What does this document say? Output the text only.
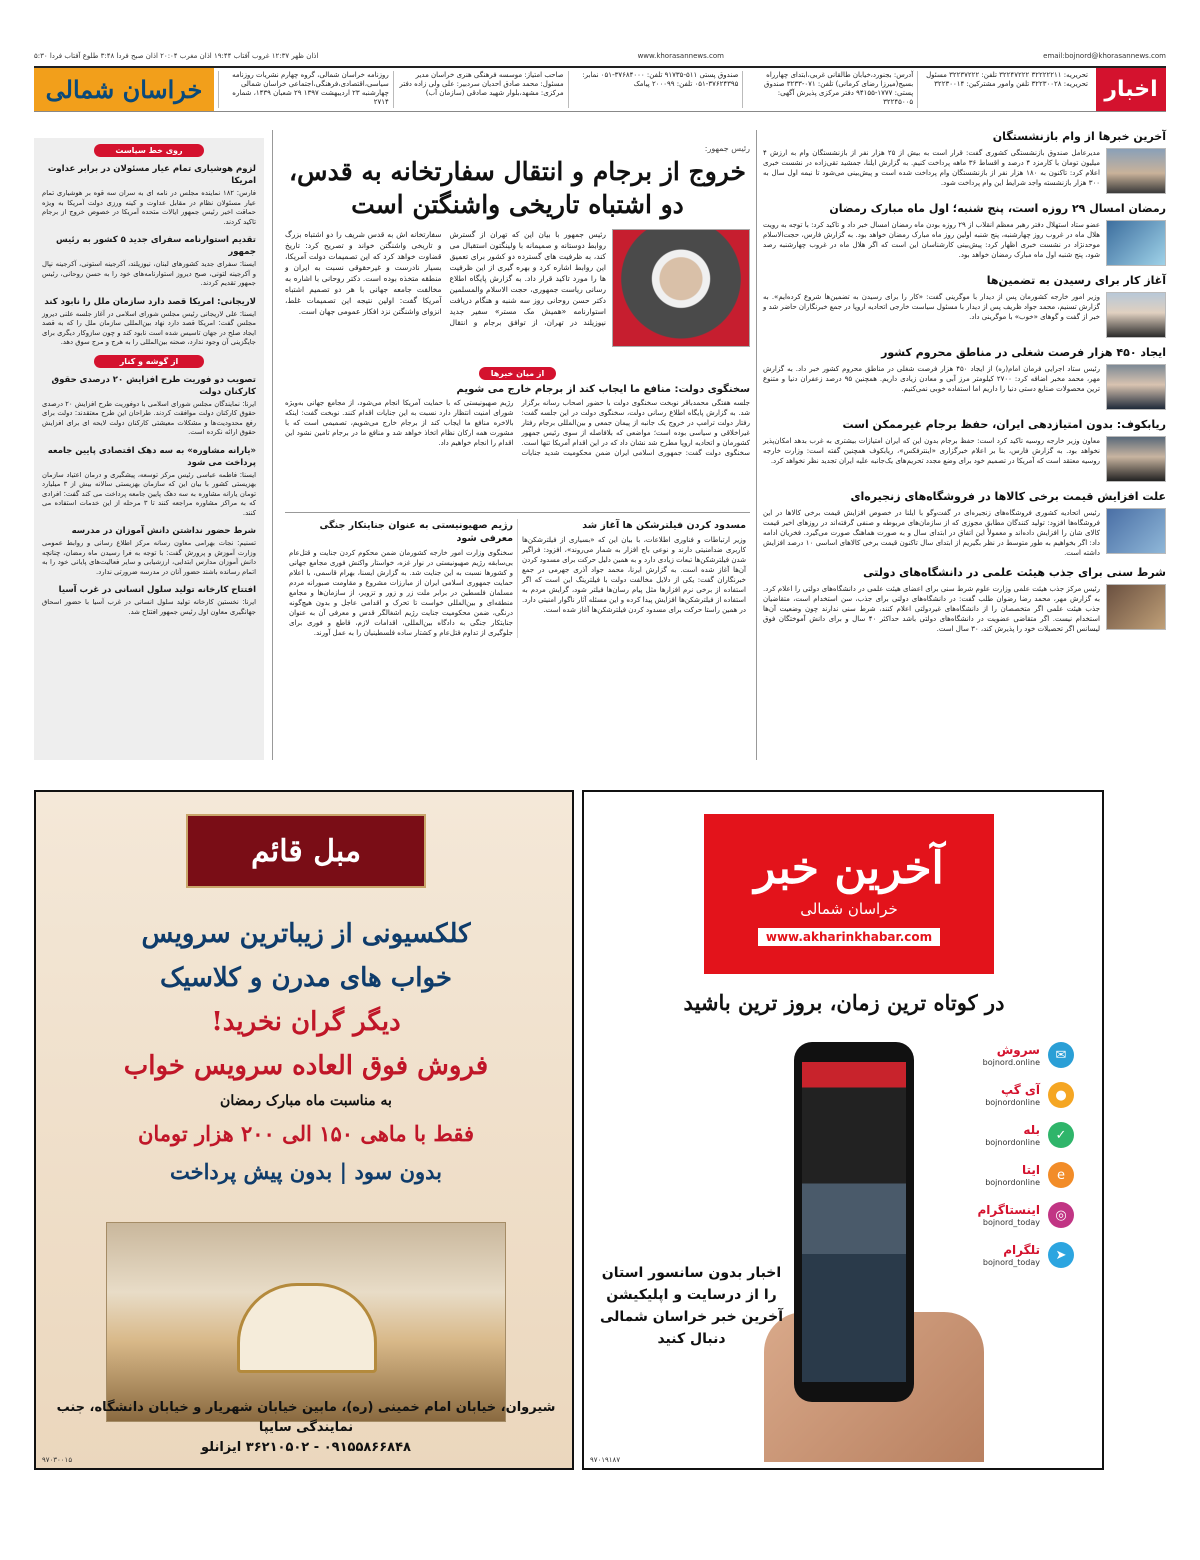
اذان ظهر ۱۲:۳۷ غروب آفتاب ۱۹:۴۴ اذان مغرب ۲۰:۰۴ اذان صبح فردا ۳:۴۸ طلوع آفتاب فردا ۵:۳۰	www.khorasannews.com	email:bojnord@khorasannews.com
خراسان شمالی	روزنامه خراسان شمالی، گروه چهارم نشریات روزنامه سیاسی،اقتصادی،فرهنگی،اجتماعی خراسان شمالی چهارشنبه ۲۳ اردیبهشت ۱۳۹۷ ۲۹ شعبان ۱۴۳۹، شماره ۲۷۱۴
صاحب امتیاز: موسسه فرهنگی هنری خراسان مدیر مسئول: محمد صادق احدیان سردبیر: علی ولی زاده دفتر مرکزی: مشهد،بلوار شهید صادقی (سازمان آب)
صندوق پستی ۵۱۱-۹۱۷۳۵ تلفن: ۳۷۶۸۴۰۰۰-۰۵۱ نمابر: ۳۷۶۲۴۳۹۵-۰۵۱ تلفن: ۲۰۰۰۹۹ پیامک
آدرس: بجنورد،خیابان طالقانی غربی،ابتدای چهارراه بسیج(میرزا رضای کرمانی) تلفن: ۰۷۱-۳۲۳۳ صندوق پستی: ۱۷۷۷-۹۴۱۵۵ دفتر مرکزی پذیرش آگهی: ۳۲۲۴۵۰۰۵
تحریریه: ۳۲۲۲۲۲۱۱ ۳۲۲۴۷۲۲۲ تلفن: ۳۲۲۳۷۲۲۲ مسئول تحریریه: ۳۲۲۳۰۰۲۸ تلفن وامور مشترکین: ۳۲۲۳۰۰۱۴ اخبار
آخرین خبرها از وام بازنشستگان
مدیرعامل صندوق بازنشستگی کشوری گفت: قرار است به بیش از ۲۵ هزار نفر از بازنشستگان وام به ارزش ۴ میلیون تومان با کارمزد ۴ درصد و اقساط ۳۶ ماهه پرداخت کنیم. به گزارش ایلنا، جمشید تقی‌زاده در نشست خبری اعلام کرد: تاکنون به ۱۸۰ هزار نفر از بازنشستگان وام پرداخت شده است و پیش‌بینی می‌شود تا نیمه اول سال به ۳۰۰ هزار بازنشسته واجد شرایط این وام پرداخت شود.
رمضان امسال ۲۹ روزه است، پنج شنبه؛ اول ماه مبارک رمضان
عضو ستاد استهلال دفتر رهبر معظم انقلاب از ۲۹ روزه بودن ماه رمضان امسال خبر داد و تاکید کرد: با توجه به رویت هلال ماه در غروب روز چهارشنبه، پنج شنبه اولین روز ماه مبارک رمضان خواهد بود. به گزارش فارس، حجت‌الاسلام موحدنژاد در نشست خبری اظهار کرد: پیش‌بینی کارشناسان این است که اگر هلال ماه در غروب چهارشنبه رصد شود، پنج شنبه اول ماه مبارک رمضان خواهد بود.
آغاز کار برای رسیدن به تضمین‌ها
وزیر امور خارجه کشورمان پس از دیدار با موگرینی گفت: «کار را برای رسیدن به تضمین‌ها شروع کرده‌ایم». به گزارش تسنیم، محمد جواد ظریف پس از دیدار با مسئول سیاست خارجی اتحادیه اروپا در جمع خبرنگاران حاضر شد و خبر از گفت و گوهای «خوب» با موگرینی داد.
ایجاد ۴۵۰ هزار فرصت شغلی در مناطق محروم کشور
رئیس ستاد اجرایی فرمان امام(ره) از ایجاد ۴۵۰ هزار فرصت شغلی در مناطق محروم کشور خبر داد. به گزارش مهر، محمد مخبر اضافه کرد: ۲۷۰۰ کیلومتر مرز آبی و معادن زیادی داریم. همچنین ۹۵ درصد زعفران دنیا و متنوع ترین محصولات صنایع دستی دنیا را داریم اما استفاده خوبی نمی‌کنیم.
ریابکوف: بدون امتیازدهی ایران، حفظ برجام غیرممکن است
معاون وزیر خارجه روسیه تاکید کرد است: حفظ برجام بدون این که ایران امتیازات بیشتری به غرب بدهد امکان‌پذیر نخواهد بود. به گزارش فارس، بنا بر اعلام خبرگزاری «اینترفکس»، ریابکوف همچنین گفته است: وزارت خارجه روسیه معتقد است که آمریکا در تصمیم خود برای وضع مجدد تحریم‌های یک‌جانبه علیه ایران تجدید نظر نخواهد کرد.
علت افزایش قیمت برخی کالاها در فروشگاه‌های زنجیره‌ای
رئیس اتحادیه کشوری فروشگاه‌های زنجیره‌ای در گفت‌وگو با ایلنا در خصوص افزایش قیمت برخی کالاها در این فروشگاه‌ها افزود: تولید کنندگان مطابق مجوزی که از سازمان‌های مربوطه و صنفی گرفته‌اند در روزهای اخیر قیمت کالای شان را افزایش داده‌اند و معمولاً این اتفاق در ابتدای سال و به صورت هماهنگ صورت می‌گیرد. فخریان ادامه داد: اگر بخواهیم به طور متوسط در نظر بگیریم از ابتدای سال تاکنون قیمت برخی کالاهای اساسی ۱۰ درصد افزایش داشته است.
شرط سنی برای جذب هیئت علمی در دانشگاه‌های دولتی
رئیس مرکز جذب هیئت علمی وزارت علوم شرط سنی برای اعضای هیئت علمی در دانشگاه‌های دولتی را اعلام کرد. به گزارش مهر، محمد رضا رضوان طلب گفت: در دانشگاه‌های دولتی برای جذب، سن استخدام است، متقاضیان جذب هیئت علمی اگر متخصصان را از دانشگاه‌های غیردولتی اعلام کنند، شرط سنی ندارند چون وضعیت آن‌ها استخدام نیست. اگر متقاضی عضویت در دانشگاه‌های دولتی باشد حداکثر ۴۰ سال و برای دانش آموختگان فوق لیسانس اگر تحصیلات خود را پذیرش کند، ۳۰ سال است.
رئیس جمهور:
خروج از برجام و انتقال سفارتخانه به قدس، دو اشتباه تاریخی واشنگتن است
رئیس جمهور با بیان این که تهران از گسترش روابط دوستانه و صمیمانه با ولینگتون استقبال می کند، به ظرفیت های گسترده دو کشور برای تعمیق این روابط اشاره کرد و بهره گیری از این ظرفیت ها را مورد تاکید قرار داد. به گزارش پایگاه اطلاع رسانی ریاست جمهوری، حجت الاسلام والمسلمین دکتر حسن روحانی روز سه شنبه و هنگام دریافت استوارنامه «همیش مک مستر» سفیر جدید نیوزیلند در تهران، از توافق برجام و انتقال سفارتخانه اش به قدس شریف را دو اشتباه بزرگ و تاریخی واشنگتن خواند و تصریح کرد: تاریخ قضاوت خواهد کرد که این تصمیمات دولت آمریکا، بسیار نادرست و غیرحقوقی نسبت به ایران و منطقه متخذه بوده است. دکتر روحانی با اشاره به مخالفت جامعه جهانی با هر دو تصمیم اشتباه آمریکا گفت: اولین نتیجه این تصمیمات غلط، انزوای واشنگتن نزد افکار عمومی جهان است.
از میان خبرها
سخنگوی دولت: منافع ما ایجاب کند از برجام خارج می شویم
جلسه هفتگی محمدباقر نوبخت سخنگوی دولت با حضور اصحاب رسانه برگزار شد. به گزارش پایگاه اطلاع رسانی دولت، سخنگوی دولت در این جلسه گفت: رفتار دولت ترامپ در خروج یک جانبه از پیمان جمعی و بین‌المللی برجام رفتار غیراخلاقی و سیاسی بوده است؛ مواضعی که بلافاصله از سوی رئیس جمهور کشورمان و اتحادیه اروپا مطرح شد نشان داد که در این اقدام آمریکا تنها است. سخنگوی دولت گفت: جمهوری اسلامی ایران ضمن محکومیت شدید جنایات رژیم صهیونیستی که با حمایت آمریکا انجام می‌شود، از مجامع جهانی به‌ویژه شورای امنیت انتظار دارد نسبت به این جنایات اقدام کنند. نوبخت گفت: اینکه بالاخره منافع ما ایجاب کند از برجام خارج می‌شویم، تصمیمی است که با مشورت همه ارکان نظام اتخاذ خواهد شد و منافع ما در برجام تامین نشود این اقدام را انجام خواهیم داد.
مسدود کردن فیلترشکن ها آغاز شد
وزیر ارتباطات و فناوری اطلاعات، با بیان این که «بسیاری از فیلترشکن‌ها کاربری ضدامنیتی دارند و نوعی باج افزار به شمار می‌روند»، افزود: فراگیر شدن فیلترشکن‌ها تبعات زیادی دارد و به همین دلیل حرکت برای مسدود کردن آن‌ها آغاز شده است. به گزارش ایرنا، محمد جواد آذری جهرمی در جمع خبرنگاران گفت: یکی از دلایل مخالفت دولت با فیلترینگ این است که اگر استفاده از برخی نرم افزارها مثل پیام رسان‌ها فیلتر شود، گرایش مردم به استفاده از فیلترشکن‌ها افزایش پیدا کرده و این مسئله آثار ناگوار امنیتی دارد. در همین راستا حرکت برای مسدود کردن فیلترشکن‌ها آغاز شده است.
رژیم صهیونیستی به عنوان جنایتکار جنگی معرفی شود
سخنگوی وزارت امور خارجه کشورمان ضمن محکوم کردن جنایت و قتل‌عام بی‌سابقه رژیم صهیونیستی در نوار غزه، خواستار واکنش فوری مجامع جهانی و کشورها نسبت به این جنایت شد. به گزارش ایسنا، بهرام قاسمی، با اعلام حمایت جمهوری اسلامی ایران از مبارزات مشروع و مقاومت صبورانه مردم مسلمان فلسطین در برابر ملت زر و زور و تزویر، از سازمان‌ها و مجامع منطقه‌ای و بین‌المللی خواست تا تحرک و اقدامی عاجل و بدون هیچ‌گونه درنگی، ضمن محکومیت جنایت رژیم اشغالگر قدس و معرفی آن به عنوان جنایتکار جنگی به دادگاه بین‌المللی، اقدامات لازم، قاطع و فوری برای جلوگیری از تداوم قتل‌عام و کشتار ساده فلسطینیان را به عمل آورند.
روی خط سیاست
لزوم هوشیاری تمام عیار مسئولان در برابر عداوت امریکا
فارس: ۱۸۲ نماینده مجلس در نامه ای به سران سه قوه بر هوشیاری تمام عیار مسئولان نظام در مقابل عداوت و کینه ورزی دولت آمریکا به ویژه حماقت اخیر رئیس جمهور ایالات متحده آمریکا در خصوص خروج از برجام تاکید کردند.
تقدیم استوارنامه سفرای جدید ۵ کشور به رئیس جمهور
ایسنا: سفرای جدید کشورهای لبنان، نیوزیلند، آکرجینه استونی، آکرجینه نپال و آکرجینه لتونی، صبح دیروز استوارنامه‌های خود را به حسن روحانی، رئیس جمهور تقدیم کردند.
لاریجانی: امریکا قصد دارد سازمان ملل را نابود کند
ایسنا: علی لاریجانی رئیس مجلس شورای اسلامی در آغاز جلسه علنی دیروز مجلس گفت: امریکا قصد دارد نهاد بین‌المللی سازمان ملل را که به قصد ایجاد صلح در جهان تاسیس شده است نابود کند و چون سازوکار دیگری برای جایگزینی آن وجود ندارد، صحنه بین‌المللی را به هرج و مرج سوق دهد.
از گوشه و کنار
تصویب دو فوریت طرح افزایش ۲۰ درصدی حقوق کارکنان دولت
ایرنا: نمایندگان مجلس شورای اسلامی با دوفوریت طرح افزایش ۲۰ درصدی حقوق کارکنان دولت موافقت کردند. طراحان این طرح معتقدند: دولت برای رفع محدودیت‌ها و مشکلات معیشتی کارکنان دولت لایحه ای برای افزایش حقوق ارائه نکرده است.
«یارانه مشاوره» به سه دهک اقتصادی پایین جامعه پرداخت می شود
ایسنا: فاطمه عباسی رئیس مرکز توسعه، پیشگیری و درمان اعتیاد سازمان بهزیستی کشور با بیان این که سازمان بهزیستی سالانه بیش از ۳ میلیارد تومان یارانه مشاوره به سه دهک پایین جامعه پرداخت می کند گفت: افرادی که به مراکز مشاوره مراجعه کنند تا ۳ مرحله از این خدمات استفاده می کنند.
شرط حضور نداشتن دانش آموزان در مدرسه
تسنیم: نجات بهرامی معاون رسانه مرکز اطلاع رسانی و روابط عمومی وزارت آموزش و پرورش گفت: با توجه به فرا رسیدن ماه رمضان، چنانچه دانش آموزان مدارس ابتدایی، ارزشیابی و سایر فعالیت‌های پایانی خود را به اتمام رسانده باشند حضور آنان در مدرسه ضرورتی ندارد.
افتتاح کارخانه تولید سلول انسانی در غرب آسیا
ایرنا: نخستین کارخانه تولید سلول انسانی در غرب آسیا با حضور اسحاق جهانگیری معاون اول رئیس جمهور افتتاح شد.
مبل قائم
کلکسیونی از زیباترین سرویس
خواب های مدرن و کلاسیک
دیگر گران نخرید!
فروش فوق العاده سرویس خواب
به مناسبت ماه مبارک رمضان
فقط با ماهی ۱۵۰ الی ۲۰۰ هزار تومان
بدون سود | بدون پیش پرداخت
شیروان، خیابان امام خمینی (ره)، مابین خیابان شهریار و خیابان دانشگاه، جنب نمایندگی سایپا
۰۹۱۵۵۸۶۶۸۴۸ - ۳۶۲۱۰۵۰۲ ایزانلو
۹۷۰۳۰۰۱۵
آخرین خبر
خراسان شمالی
www.akharinkhabar.com
در کوتاه ترین زمان، بروز ترین باشید
✉
سروش
bojnord.online
●
آی گپ
bojnordonline
✓
بله
bojnordonline
e
ایتا
bojnordonline
◎
اینستاگرام
bojnord_today
➤
تلگرام
bojnord_today
اخبار بدون سانسور استان را از درسایت و اپلیکیشن آخرین خبر خراسان شمالی دنبال کنید
۹۷۰۱۹۱۸۷
